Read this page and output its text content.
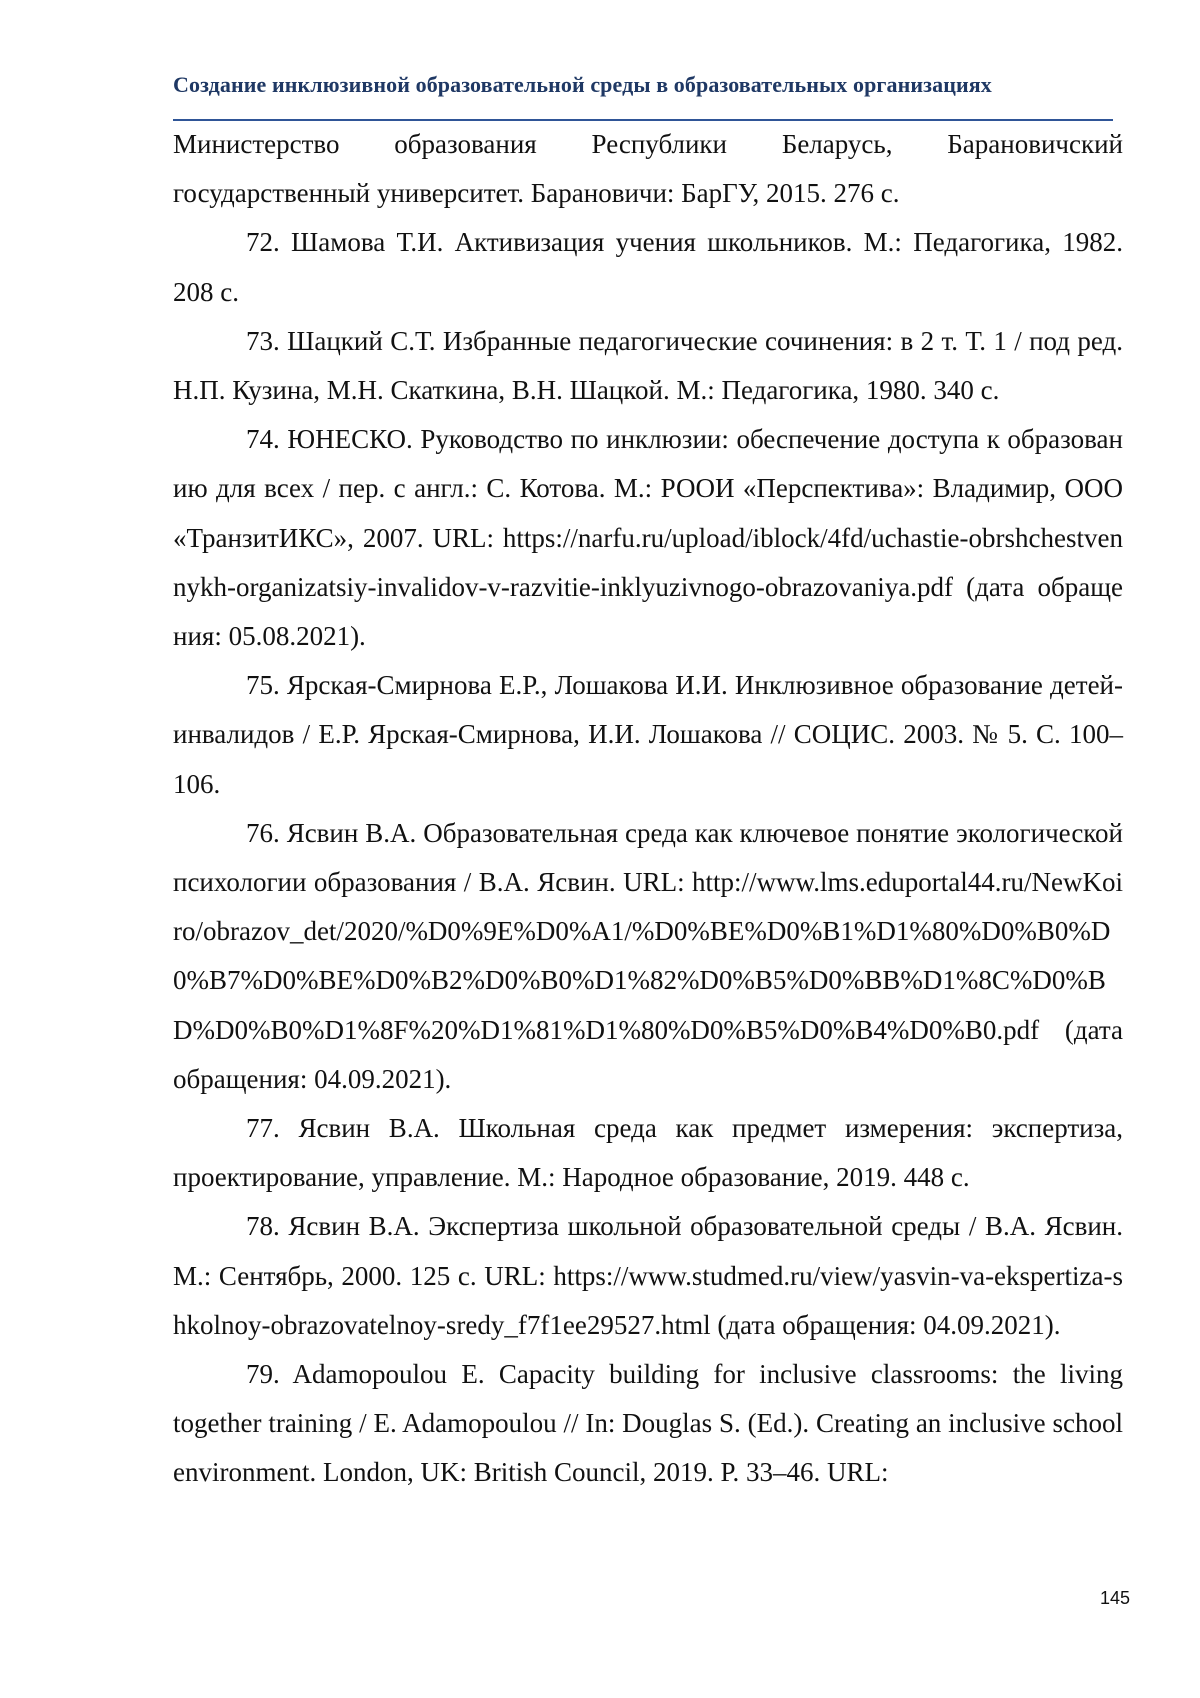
Создание инклюзивной образовательной среды в образовательных организациях

Министерство образования Республики Беларусь, Барановичский государственный университет. Барановичи: БарГУ, 2015. 276 с.

72. Шамова Т.И. Активизация учения школьников. М.: Педагогика, 1982. 208 с.

73. Шацкий С.Т. Избранные педагогические сочинения: в 2 т. Т. 1 / под ред. Н.П. Кузина, М.Н. Скаткина, В.Н. Шацкой. М.: Педагогика, 1980. 340 с.

74. ЮНЕСКО. Руководство по инклюзии: обеспечение доступа к образованию для всех / пер. с англ.: С. Котова. М.: РООИ «Перспектива»: Владимир, ООО «ТранзитИКС», 2007. URL: https://narfu.ru/upload/iblock/4fd/uchastie-obrshchestvennykh-organizatsiy-invalidov-v-razvitie-inklyuzivnogo-obrazovaniya.pdf (дата обращения: 05.08.2021).

75. Ярская-Смирнова Е.Р., Лошакова И.И. Инклюзивное образование детей-инвалидов / Е.Р. Ярская-Смирнова, И.И. Лошакова // СОЦИС. 2003. № 5. С. 100–106.

76. Ясвин В.А. Образовательная среда как ключевое понятие экологической психологии образования / В.А. Ясвин. URL: http://www.lms.eduportal44.ru/NewKoiro/obrazov_det/2020/%D0%9E%D0%A1/%D0%BE%D0%B1%D1%80%D0%B0%D0%B7%D0%BE%D0%B2%D0%B0%D1%82%D0%B5%D0%BB%D1%8C%D0%BD%D0%B0%D1%8F%20%D1%81%D1%80%D0%B5%D0%B4%D0%B0.pdf (дата обращения: 04.09.2021).

77. Ясвин В.А. Школьная среда как предмет измерения: экспертиза, проектирование, управление. М.: Народное образование, 2019. 448 с.

78. Ясвин В.А. Экспертиза школьной образовательной среды / В.А. Ясвин. М.: Сентябрь, 2000. 125 с. URL: https://www.studmed.ru/view/yasvin-va-ekspertiza-shkolnoy-obrazovatelnoy-sredy_f7f1ee29527.html (дата обращения: 04.09.2021).

79. Adamopoulou E. Capacity building for inclusive classrooms: the living together training / E. Adamopoulou // In: Douglas S. (Ed.). Creating an inclusive school environment. London, UK: British Council, 2019. P. 33–46. URL:

145
